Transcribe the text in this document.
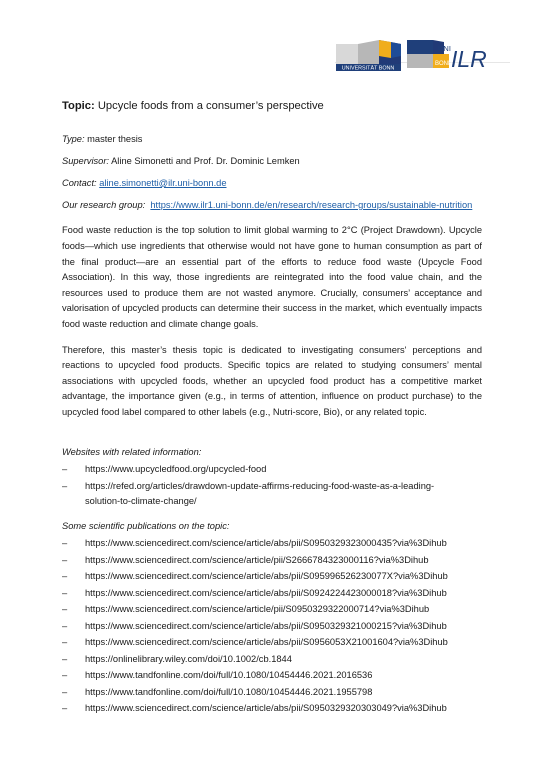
UNIVERSITÄT BONN
UNI
BONN
ILR
Topic: Upcycle foods from a consumer’s perspective
Type: master thesis
Supervisor: Aline Simonetti and Prof. Dr. Dominic Lemken
Contact: aline.simonetti@ilr.uni-bonn.de
Our research group: https://www.ilr1.uni-bonn.de/en/research/research-groups/sustainable-nutrition

Food waste reduction is the top solution to limit global warming to 2°C (Project Drawdown). Upcycle foods—which use ingredients that otherwise would not have gone to human consumption as part of the final product—are an essential part of the efforts to reduce food waste (Upcycle Food Association). In this way, those ingredients are reintegrated into the food value chain, and the resources used to produce them are not wasted anymore. Crucially, consumers’ acceptance and valorisation of upcycled products can determine their success in the market, which eventually impacts food waste reduction and climate change goals.

Therefore, this master’s thesis topic is dedicated to investigating consumers' perceptions and reactions to upcycled food products. Specific topics are related to studying consumers’ mental associations with upcycled foods, whether an upcycled food product has a competitive market advantage, the importance given (e.g., in terms of attention, influence on product purchase) to the upcycled food label compared to other labels (e.g., Nutri-score, Bio), or any related topic.

Websites with related information:
– https://www.upcycledfood.org/upcycled-food
– https://refed.org/articles/drawdown-update-affirms-reducing-food-waste-as-a-leading-
solution-to-climate-change/
Some scientific publications on the topic:
– https://www.sciencedirect.com/science/article/abs/pii/S0950329323000435?via%3Dihub
– https://www.sciencedirect.com/science/article/pii/S2666784323000116?via%3Dihub
– https://www.sciencedirect.com/science/article/abs/pii/S095996526230077X?via%3Dihub
– https://www.sciencedirect.com/science/article/abs/pii/S0924224423000018?via%3Dihub
– https://www.sciencedirect.com/science/article/pii/S0950329322000714?via%3Dihub
– https://www.sciencedirect.com/science/article/abs/pii/S0950329321000215?via%3Dihub
– https://www.sciencedirect.com/science/article/abs/pii/S0956053X21001604?via%3Dihub
– https://onlinelibrary.wiley.com/doi/10.1002/cb.1844
– https://www.tandfonline.com/doi/full/10.1080/10454446.2021.2016536
– https://www.tandfonline.com/doi/full/10.1080/10454446.2021.1955798
– https://www.sciencedirect.com/science/article/abs/pii/S0950329320303049?via%3Dihub
